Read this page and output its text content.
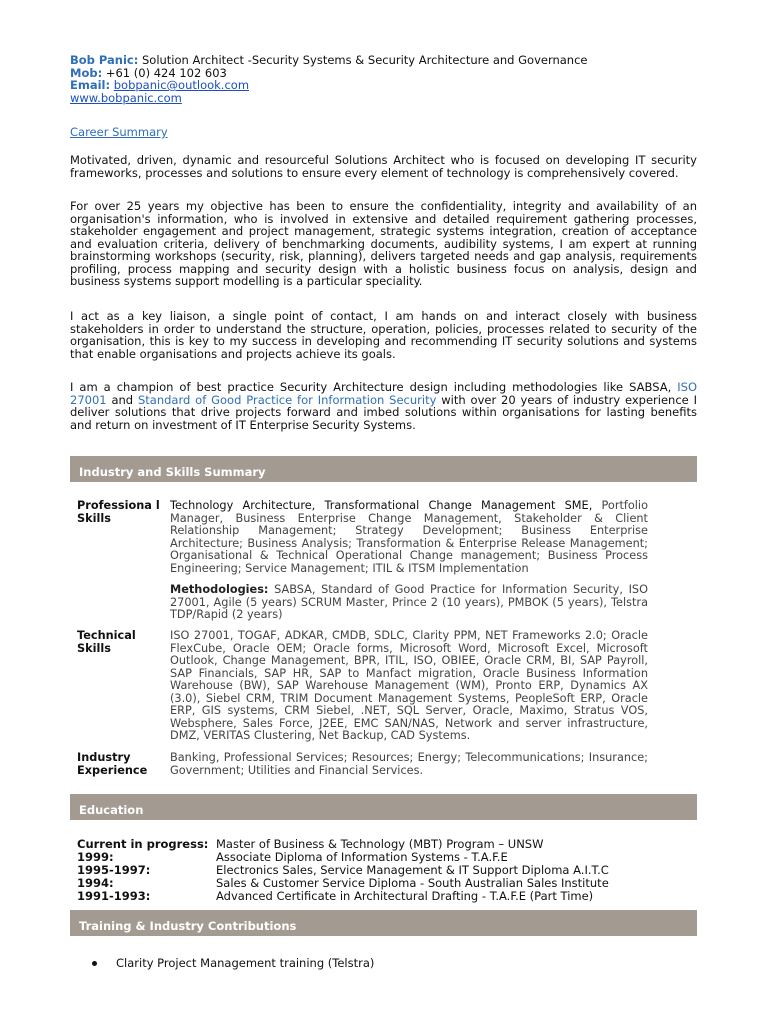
Bob Panic: Solution Architect -Security Systems & Security Architecture and Governance
Mob: +61 (0) 424 102 603
Email: bobpanic@outlook.com
www.bobpanic.com
Career Summary

Motivated, driven, dynamic and resourceful Solutions Architect who is focused on developing IT security frameworks, processes and solutions to ensure every element of technology is comprehensively covered.

For over 25 years my objective has been to ensure the confidentiality, integrity and availability of an organisation's information, who is involved in extensive and detailed requirement gathering processes, stakeholder engagement and project management, strategic systems integration, creation of acceptance and evaluation criteria, delivery of benchmarking documents, audibility systems, I am expert at running brainstorming workshops (security, risk, planning), delivers targeted needs and gap analysis, requirements profiling, process mapping and security design with a holistic business focus on analysis, design and business systems support modelling is a particular speciality.

I act as a key liaison, a single point of contact, I am hands on and interact closely with business stakeholders in order to understand the structure, operation, policies, processes related to security of the organisation, this is key to my success in developing and recommending IT security solutions and systems that enable organisations and projects achieve its goals.

I am a champion of best practice Security Architecture design including methodologies like SABSA, ISO 27001 and Standard of Good Practice for Information Security with over 20 years of industry experience I deliver solutions that drive projects forward and imbed solutions within organisations for lasting benefits and return on investment of IT Enterprise Security Systems.

Industry and Skills Summary
Professiona l Skills
Technology Architecture, Transformational Change Management SME, Portfolio Manager, Business Enterprise Change Management, Stakeholder & Client Relationship Management; Strategy Development; Business Enterprise Architecture; Business Analysis; Transformation & Enterprise Release Management; Organisational & Technical Operational Change management; Business Process Engineering; Service Management; ITIL & ITSM Implementation
Methodologies: SABSA, Standard of Good Practice for Information Security, ISO 27001, Agile (5 years) SCRUM Master, Prince 2 (10 years), PMBOK (5 years), Telstra TDP/Rapid (2 years)
Technical Skills
ISO 27001, TOGAF, ADKAR, CMDB, SDLC, Clarity PPM, NET Frameworks 2.0; Oracle FlexCube, Oracle OEM; Oracle forms, Microsoft Word, Microsoft Excel, Microsoft Outlook, Change Management, BPR, ITIL, ISO, OBIEE, Oracle CRM, BI, SAP Payroll, SAP Financials, SAP HR, SAP to Manfact migration, Oracle Business Information Warehouse (BW), SAP Warehouse Management (WM), Pronto ERP, Dynamics AX (3.0), Siebel CRM, TRIM Document Management Systems, PeopleSoft ERP, Oracle ERP, GIS systems, CRM Siebel, .NET, SQL Server, Oracle, Maximo, Stratus VOS, Websphere, Sales Force, J2EE, EMC SAN/NAS, Network and server infrastructure, DMZ, VERITAS Clustering, Net Backup, CAD Systems.
Industry Experience
Banking, Professional Services; Resources; Energy; Telecommunications; Insurance; Government; Utilities and Financial Services.
Education
Current in progress: Master of Business & Technology (MBT) Program – UNSW
1999:	Associate Diploma of Information Systems - T.A.F.E
1995-1997:	Electronics Sales, Service Management & IT Support Diploma A.I.T.C
1994:	Sales & Customer Service Diploma - South Australian Sales Institute
1991-1993:	Advanced Certificate in Architectural Drafting - T.A.F.E (Part Time)
Training & Industry Contributions
Clarity Project Management training (Telstra)
